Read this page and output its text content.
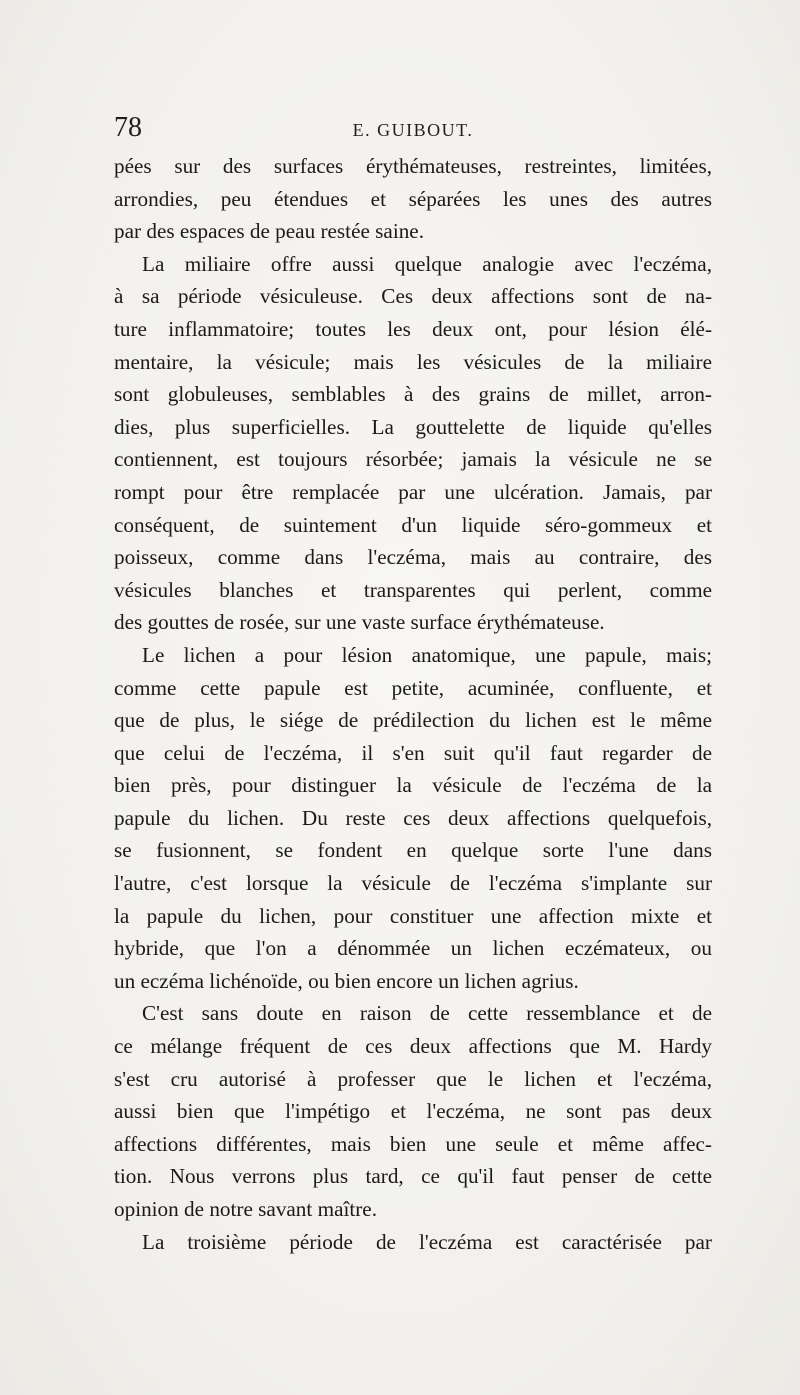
78	E. GUIBOUT.
pées sur des surfaces érythémateuses, restreintes, limitées,
arrondies, peu étendues et séparées les unes des autres
par des espaces de peau restée saine.
La miliaire offre aussi quelque analogie avec l'eczéma,
à sa période vésiculeuse. Ces deux affections sont de na-
ture inflammatoire; toutes les deux ont, pour lésion élé-
mentaire, la vésicule; mais les vésicules de la miliaire
sont globuleuses, semblables à des grains de millet, arron-
dies, plus superficielles. La gouttelette de liquide qu'elles
contiennent, est toujours résorbée; jamais la vésicule ne se
rompt pour être remplacée par une ulcération. Jamais, par
conséquent, de suintement d'un liquide séro-gommeux et
poisseux, comme dans l'eczéma, mais au contraire, des
vésicules blanches et transparentes qui perlent, comme
des gouttes de rosée, sur une vaste surface érythémateuse.
Le lichen a pour lésion anatomique, une papule, mais;
comme cette papule est petite, acuminée, confluente, et
que de plus, le siége de prédilection du lichen est le même
que celui de l'eczéma, il s'en suit qu'il faut regarder de
bien près, pour distinguer la vésicule de l'eczéma de la
papule du lichen. Du reste ces deux affections quelquefois,
se fusionnent, se fondent en quelque sorte l'une dans
l'autre, c'est lorsque la vésicule de l'eczéma s'implante sur
la papule du lichen, pour constituer une affection mixte et
hybride, que l'on a dénommée un lichen eczémateux, ou
un eczéma lichénoïde, ou bien encore un lichen agrius.
C'est sans doute en raison de cette ressemblance et de
ce mélange fréquent de ces deux affections que M. Hardy
s'est cru autorisé à professer que le lichen et l'eczéma,
aussi bien que l'impétigo et l'eczéma, ne sont pas deux
affections différentes, mais bien une seule et même affec-
tion. Nous verrons plus tard, ce qu'il faut penser de cette
opinion de notre savant maître.
La troisième période de l'eczéma est caractérisée par
